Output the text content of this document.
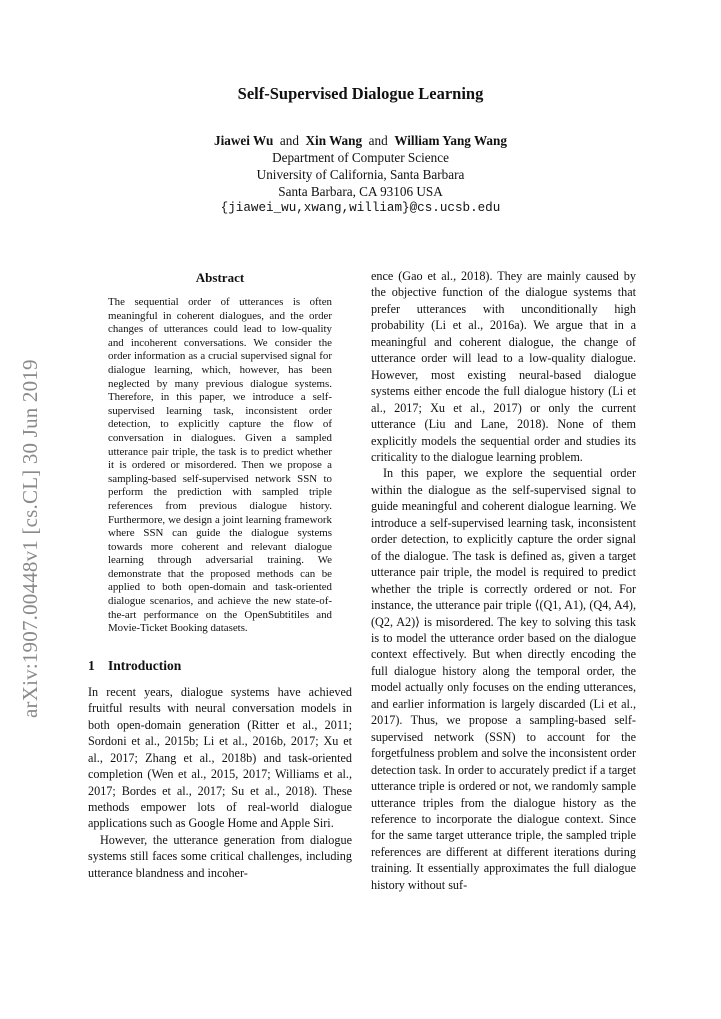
Self-Supervised Dialogue Learning
Jiawei Wu and Xin Wang and William Yang Wang
Department of Computer Science
University of California, Santa Barbara
Santa Barbara, CA 93106 USA
{jiawei_wu,xwang,william}@cs.ucsb.edu
arXiv:1907.00448v1 [cs.CL] 30 Jun 2019
Abstract

The sequential order of utterances is often meaningful in coherent dialogues, and the order changes of utterances could lead to low-quality and incoherent conversations. We consider the order information as a crucial supervised signal for dialogue learning, which, however, has been neglected by many previous dialogue systems. Therefore, in this paper, we introduce a self-supervised learning task, inconsistent order detection, to explicitly capture the flow of conversation in dialogues. Given a sampled utterance pair triple, the task is to predict whether it is ordered or misordered. Then we propose a sampling-based self-supervised network SSN to perform the prediction with sampled triple references from previous dialogue history. Furthermore, we design a joint learning framework where SSN can guide the dialogue systems towards more coherent and relevant dialogue learning through adversarial training. We demonstrate that the proposed methods can be applied to both open-domain and task-oriented dialogue scenarios, and achieve the new state-of-the-art performance on the OpenSubtitiles and Movie-Ticket Booking datasets.

1 Introduction

In recent years, dialogue systems have achieved fruitful results with neural conversation models in both open-domain generation (Ritter et al., 2011; Sordoni et al., 2015b; Li et al., 2016b, 2017; Xu et al., 2017; Zhang et al., 2018b) and task-oriented completion (Wen et al., 2015, 2017; Williams et al., 2017; Bordes et al., 2017; Su et al., 2018). These methods empower lots of real-world dialogue applications such as Google Home and Apple Siri.

However, the utterance generation from dialogue systems still faces some critical challenges, including utterance blandness and incoher-

ence (Gao et al., 2018). They are mainly caused by the objective function of the dialogue systems that prefer utterances with unconditionally high probability (Li et al., 2016a). We argue that in a meaningful and coherent dialogue, the change of utterance order will lead to a low-quality dialogue. However, most existing neural-based dialogue systems either encode the full dialogue history (Li et al., 2017; Xu et al., 2017) or only the current utterance (Liu and Lane, 2018). None of them explicitly models the sequential order and studies its criticality to the dialogue learning problem.

In this paper, we explore the sequential order within the dialogue as the self-supervised signal to guide meaningful and coherent dialogue learning. We introduce a self-supervised learning task, inconsistent order detection, to explicitly capture the order signal of the dialogue. The task is defined as, given a target utterance pair triple, the model is required to predict whether the triple is correctly ordered or not. For instance, the utterance pair triple ⟨(Q1, A1), (Q4, A4), (Q2, A2)⟩ is misordered. The key to solving this task is to model the utterance order based on the dialogue context effectively. But when directly encoding the full dialogue history along the temporal order, the model actually only focuses on the ending utterances, and earlier information is largely discarded (Li et al., 2017). Thus, we propose a sampling-based self-supervised network (SSN) to account for the forgetfulness problem and solve the inconsistent order detection task. In order to accurately predict if a target utterance triple is ordered or not, we randomly sample utterance triples from the dialogue history as the reference to incorporate the dialogue context. Since for the same target utterance triple, the sampled triple references are different at different iterations during training. It essentially approximates the full dialogue history without suf-
